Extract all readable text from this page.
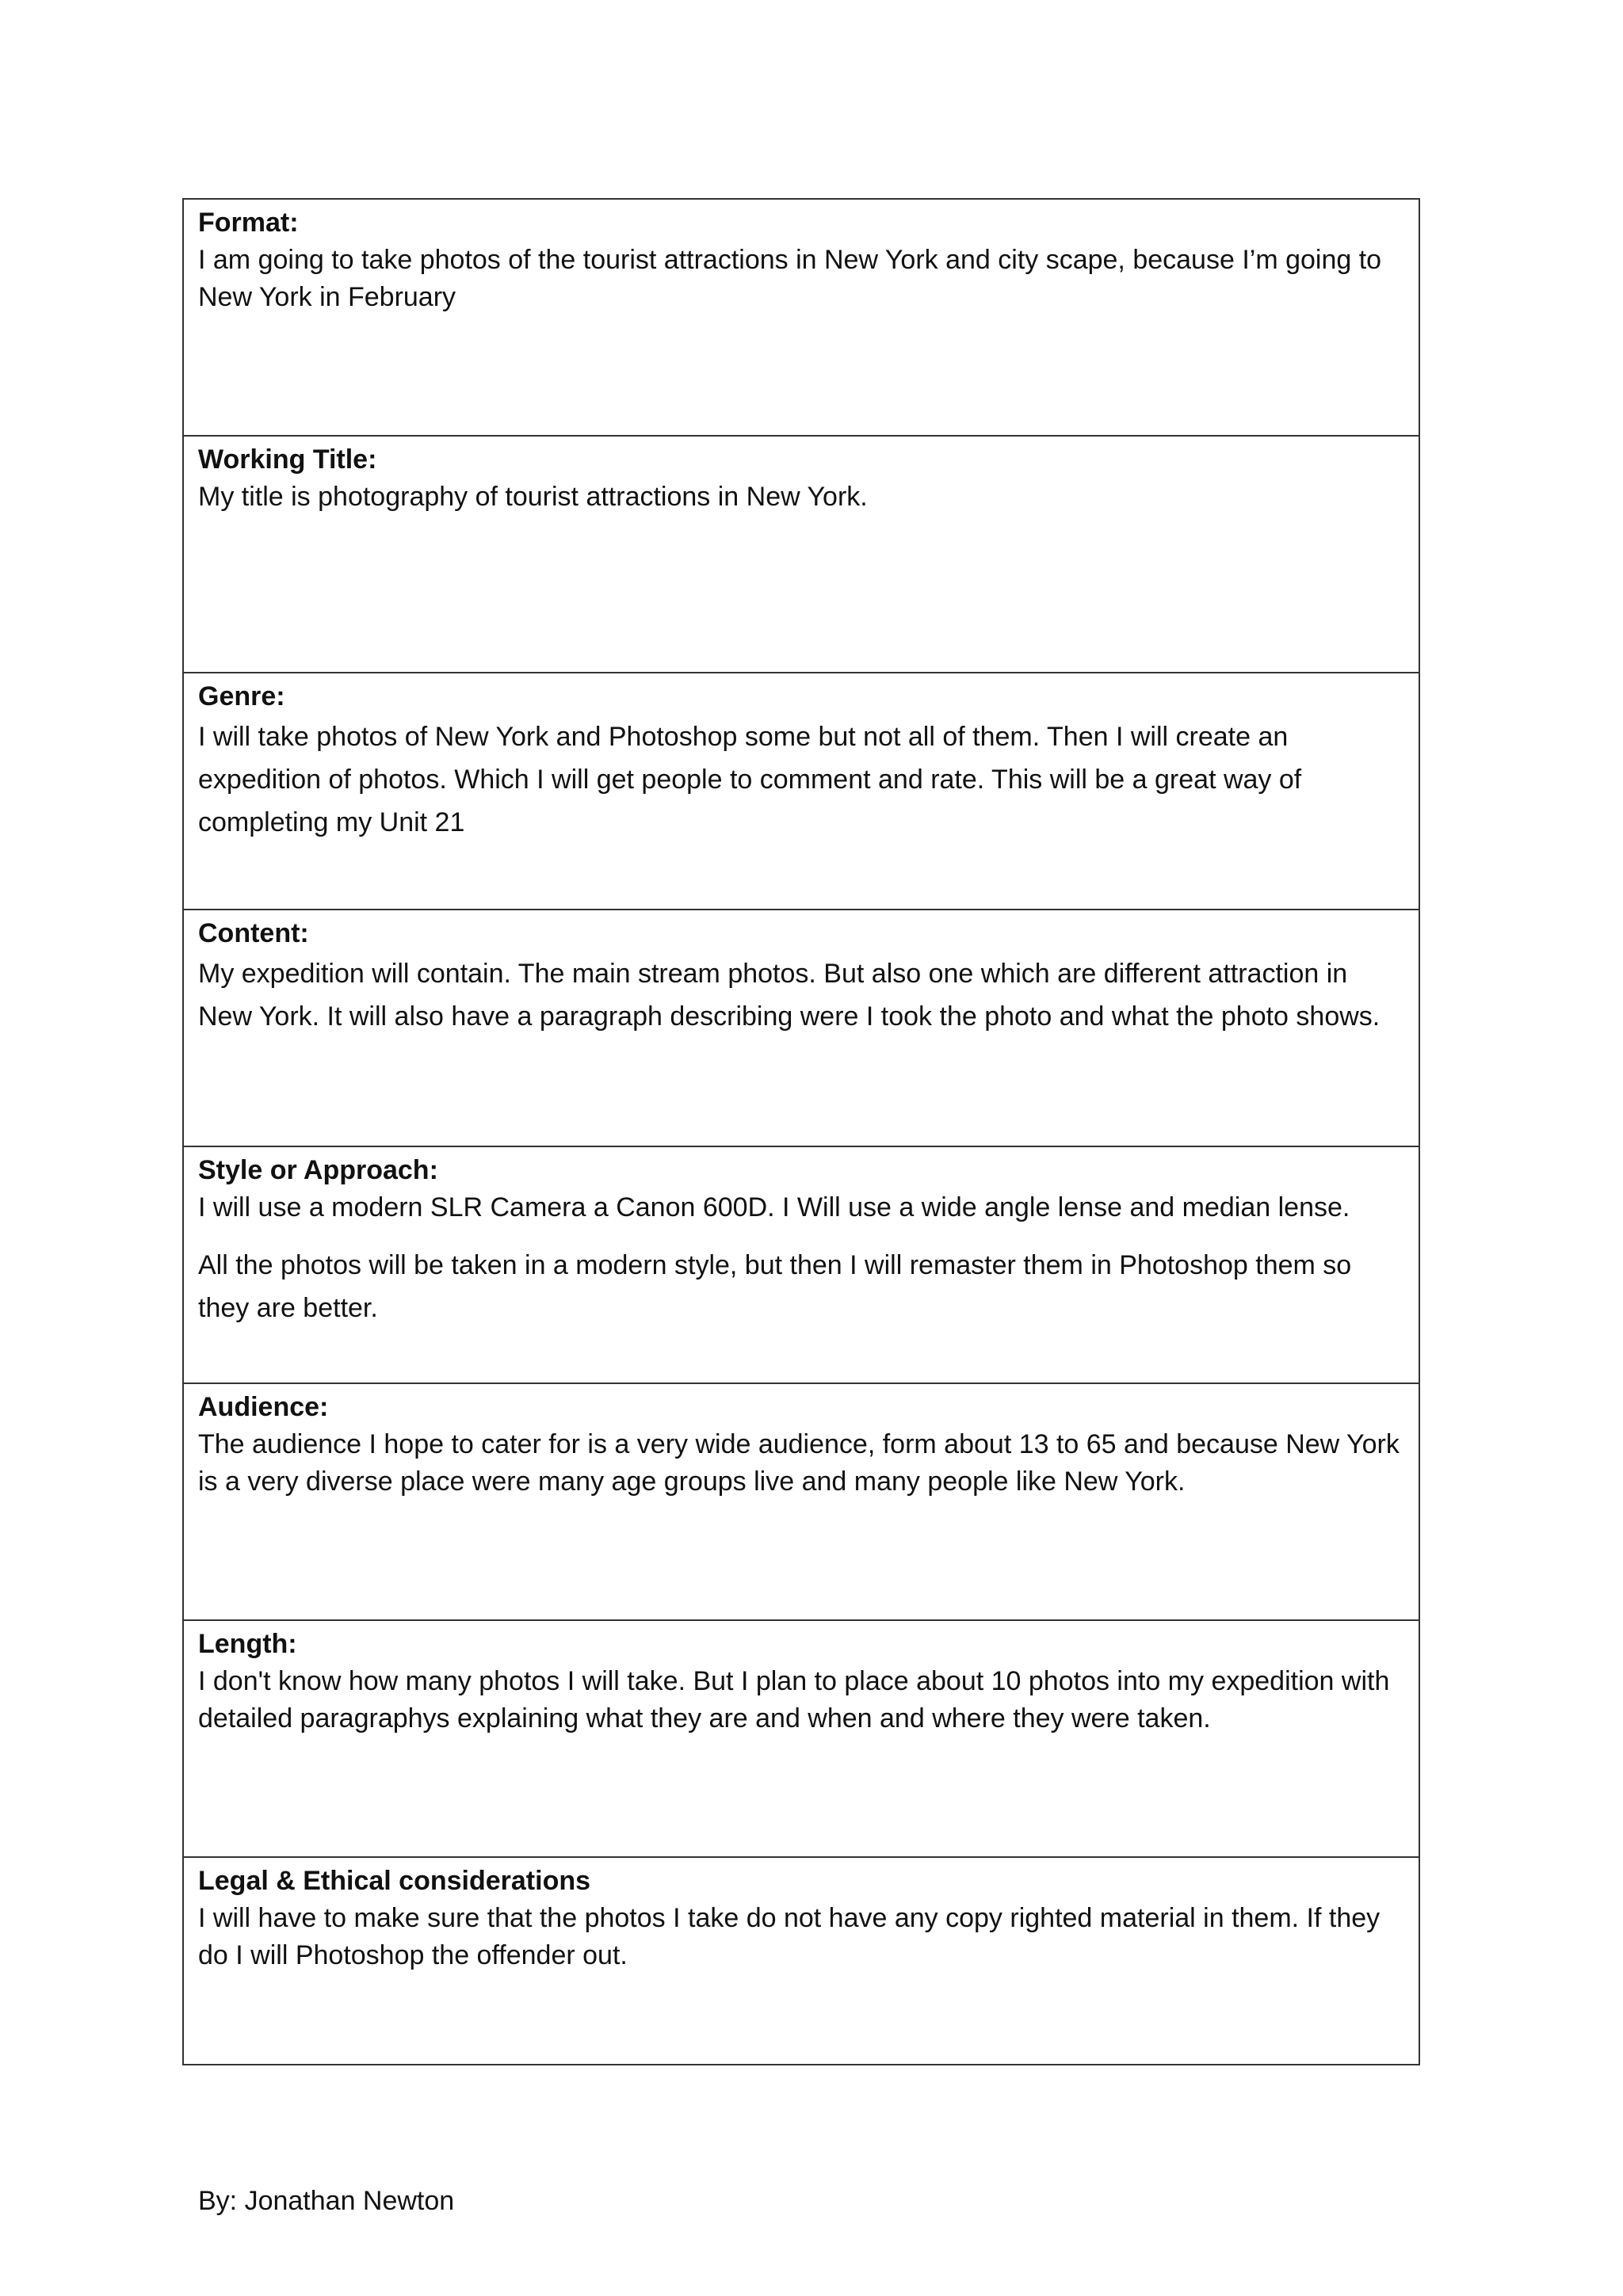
Format:

I am going to take photos of the tourist attractions in New York and city scape, because I’m going to New York in February

Working Title:

My title is photography of tourist attractions in New York.

Genre:

I will take photos of New York and Photoshop some but not all of them. Then I will create an expedition of photos. Which I will get people to comment and rate. This will be a great way of completing my Unit 21

Content:

My expedition will contain. The main stream photos. But also one which are different attraction in New York. It will also have a paragraph describing were I took the photo and what the photo shows.

Style or Approach:

I will use a modern SLR Camera a Canon 600D. I Will use a wide angle lense and median lense.

All the photos will be taken in a modern style, but then I will remaster them in Photoshop them so they are better.

Audience:

The audience I hope to cater for is a very wide audience, form about 13 to 65 and because New York is a very diverse place were many age groups live and many people like New York.

Length:

I don't know how many photos I will take. But I plan to place about 10 photos into my expedition with detailed paragraphys explaining what they are and when and where they were taken.

Legal & Ethical considerations

I will have to make sure that the photos I take do not have any copy righted material in them. If they do I will Photoshop the offender out.

By: Jonathan Newton
